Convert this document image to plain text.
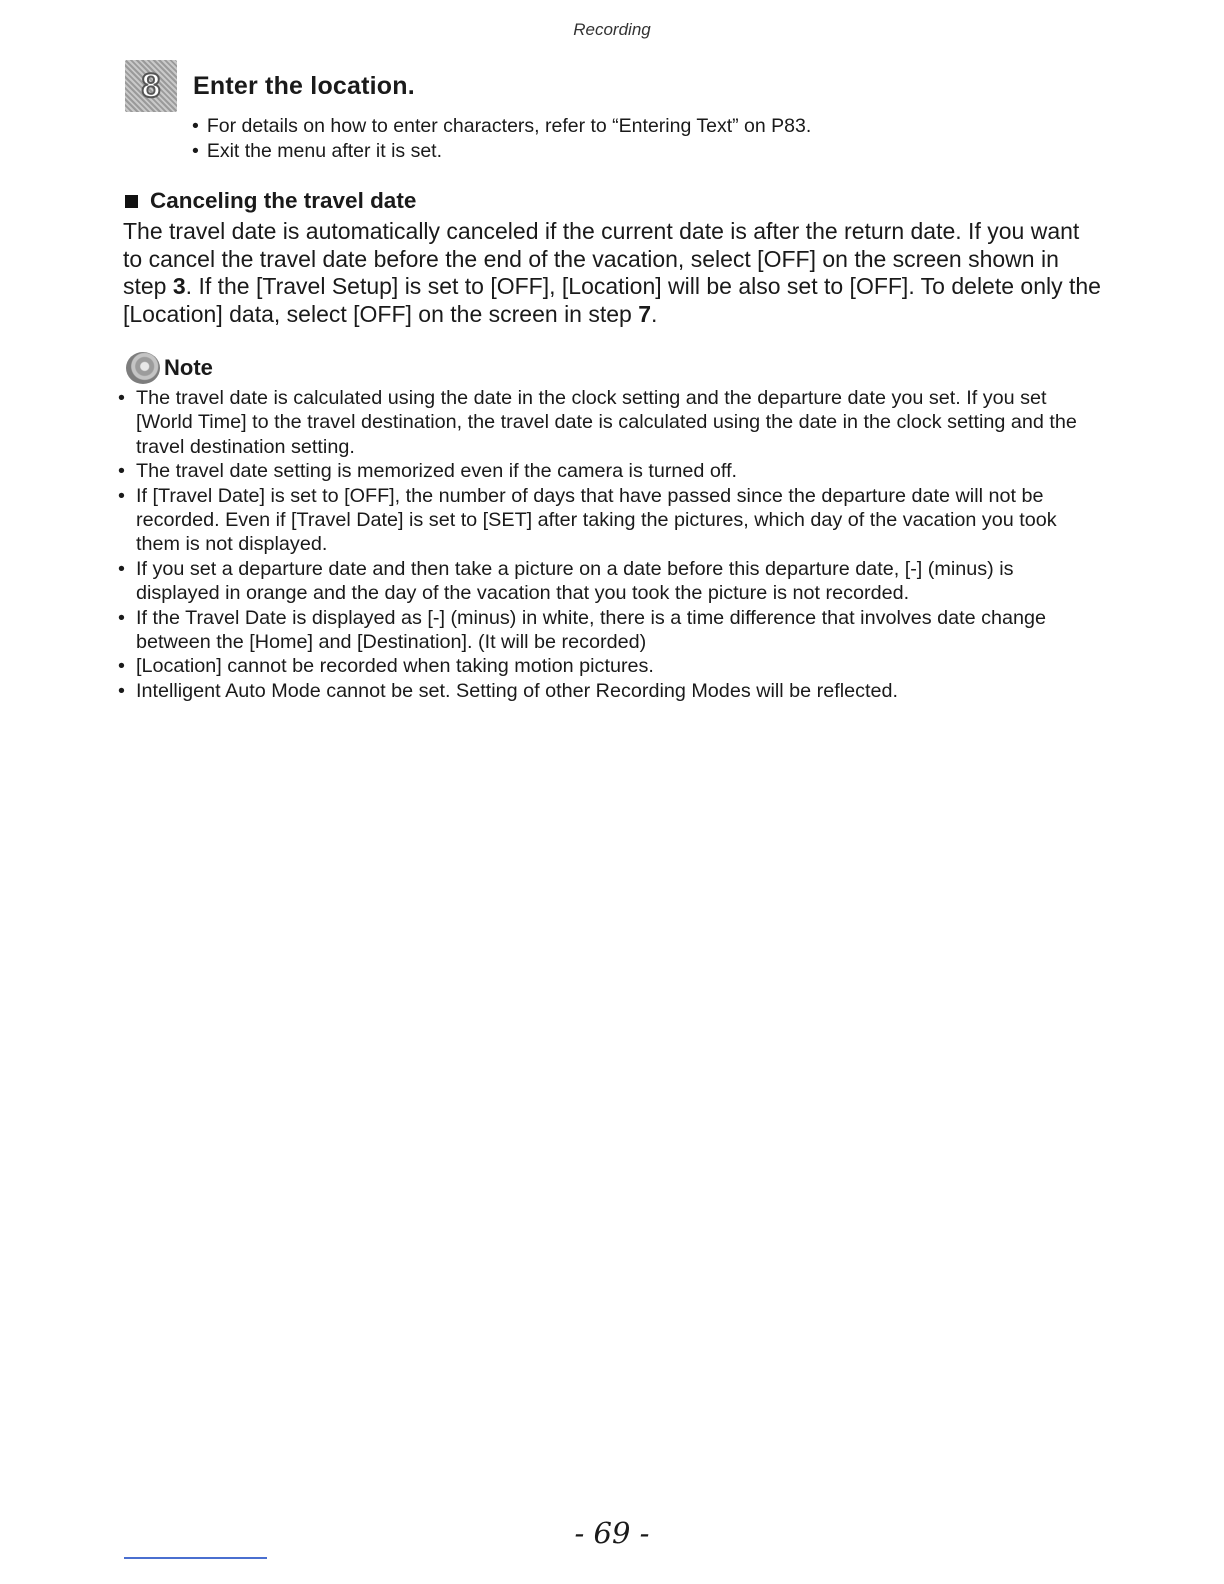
Recording
8	Enter the location.
• For details on how to enter characters, refer to “Entering Text” on P83.
• Exit the menu after it is set.
Canceling the travel date

The travel date is automatically canceled if the current date is after the return date. If you want to cancel the travel date before the end of the vacation, select [OFF] on the screen shown in step 3. If the [Travel Setup] is set to [OFF], [Location] will be also set to [OFF]. To delete only the [Location] data, select [OFF] on the screen in step 7.

Note
• The travel date is calculated using the date in the clock setting and the departure date you set. If you set [World Time] to the travel destination, the travel date is calculated using the date in the clock setting and the travel destination setting.
• The travel date setting is memorized even if the camera is turned off.
• If [Travel Date] is set to [OFF], the number of days that have passed since the departure date will not be recorded. Even if [Travel Date] is set to [SET] after taking the pictures, which day of the vacation you took them is not displayed.
• If you set a departure date and then take a picture on a date before this departure date, [-] (minus) is displayed in orange and the day of the vacation that you took the picture is not recorded.
• If the Travel Date is displayed as [-] (minus) in white, there is a time difference that involves date change between the [Home] and [Destination]. (It will be recorded)
• [Location] cannot be recorded when taking motion pictures.
• Intelligent Auto Mode cannot be set. Setting of other Recording Modes will be reflected.
- 69 -
